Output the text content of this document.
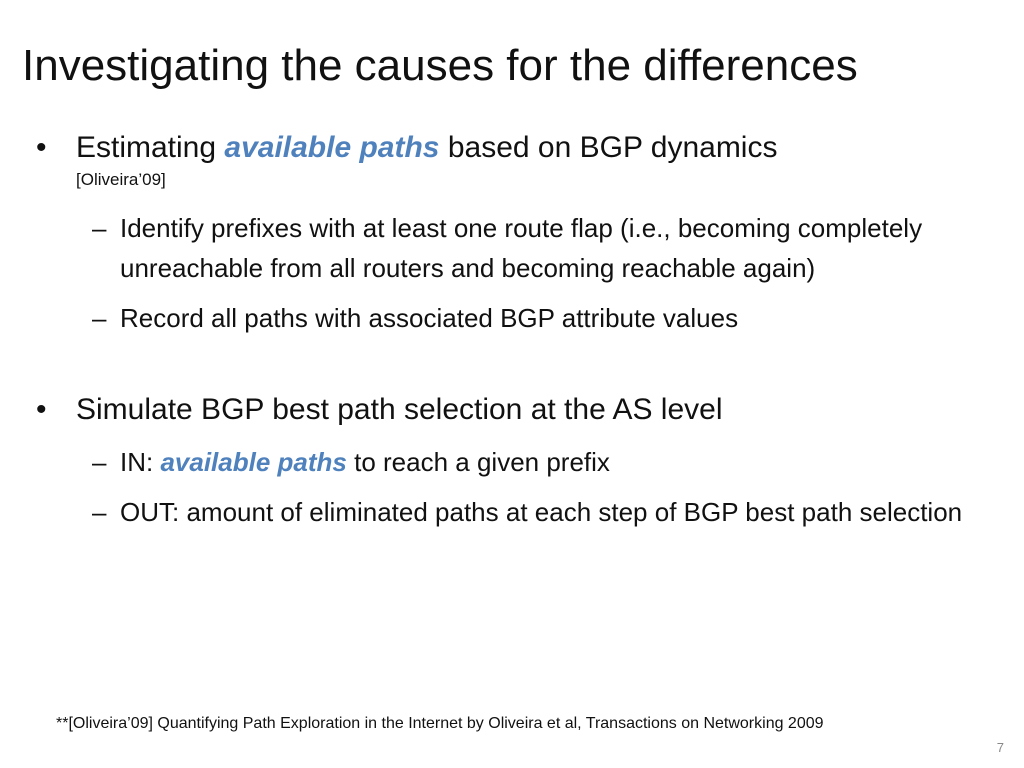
Investigating the causes for the differences
• Estimating available paths based on BGP dynamics
[Oliveira’09]
– Identify prefixes with at least one route flap (i.e., becoming completely unreachable from all routers and becoming reachable again)
– Record all paths with associated BGP attribute values
• Simulate BGP best path selection at the AS level
– IN: available paths to reach a given prefix
– OUT: amount of eliminated paths at each step of BGP best path selection
**[Oliveira’09] Quantifying Path Exploration in the Internet by Oliveira et al, Transactions on Networking 2009
7
